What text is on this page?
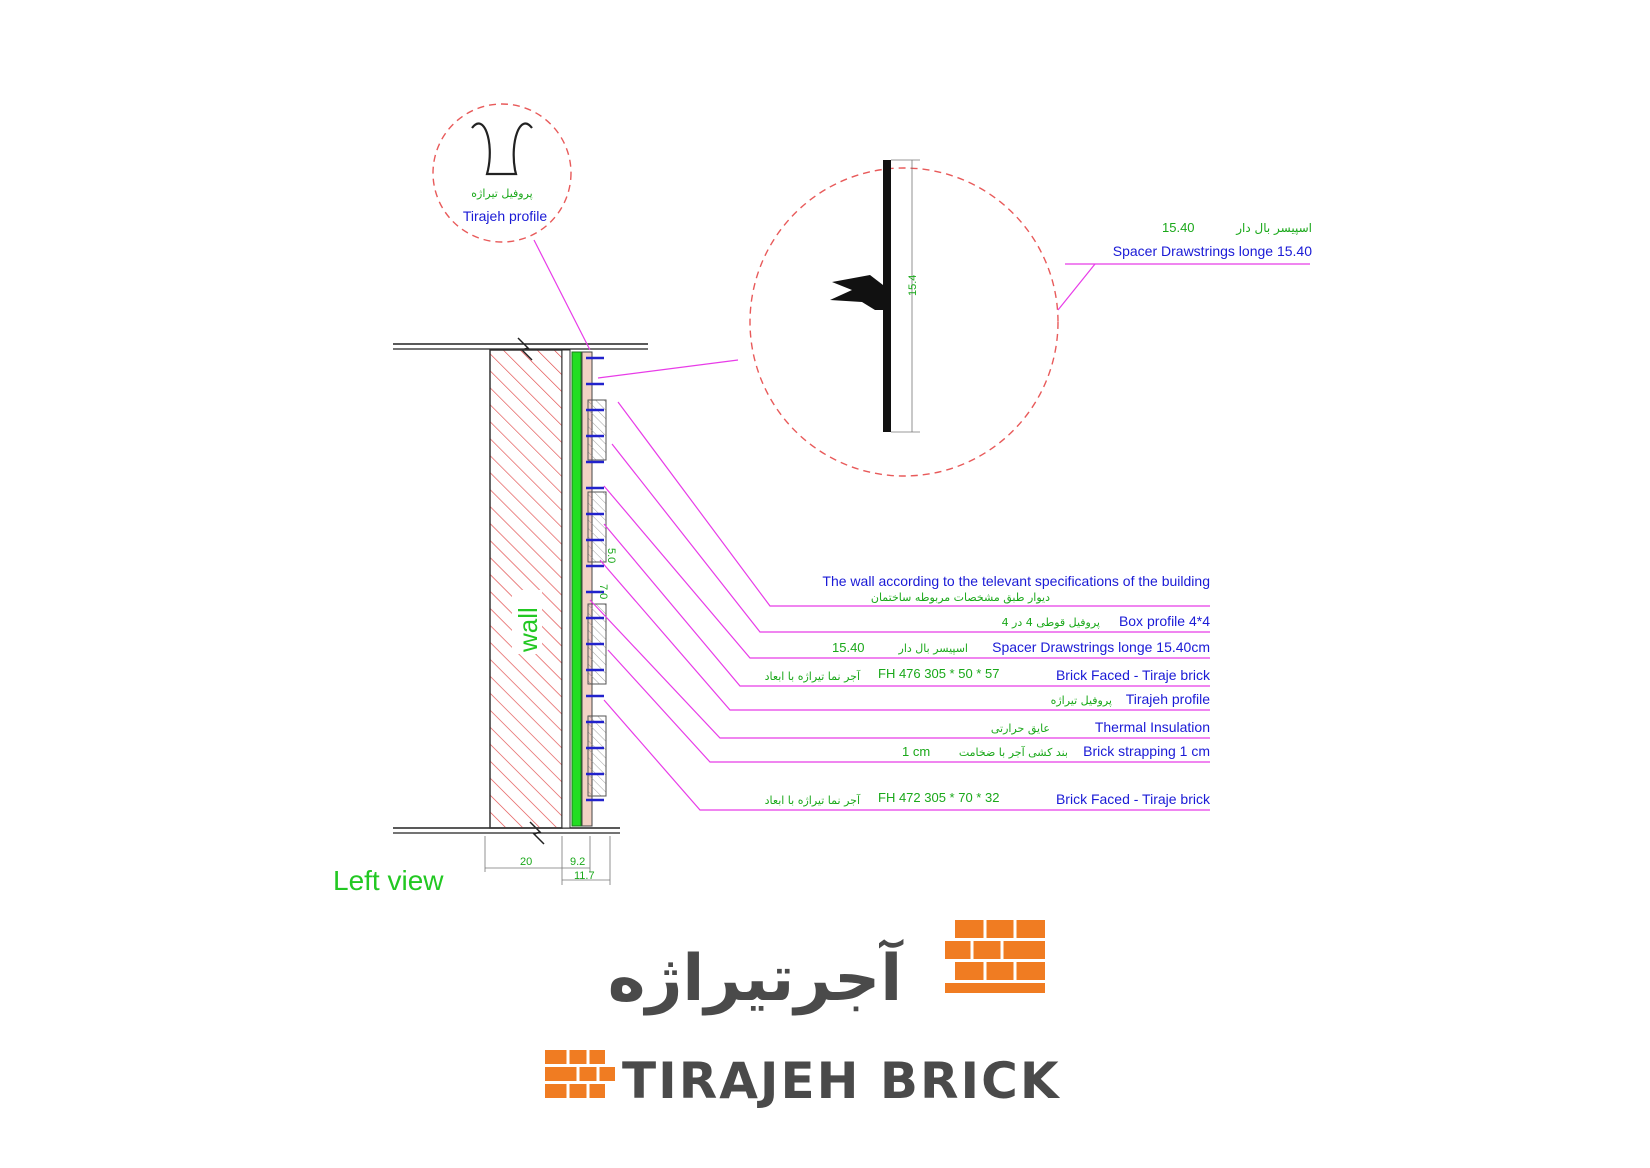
20	9.2
11.7
5.0
7.0
wall
Left view
پروفیل تیراژه
Tirajeh profile
15.4
اسپیسر بال دار
15.40
Spacer Drawstrings longe 15.40
The wall according to the televant specifications of the building
دیوار طبق مشخصات مربوطه ساختمان
Box profile 4*4
پروفیل قوطی 4 در 4
Spacer Drawstrings longe 15.40cm
اسپیسر بال دار
15.40
Brick Faced - Tiraje brick
آجر نما تیراژه با ابعاد FH 476 305 * 50 * 57
Tirajeh profile
پروفیل تیراژه
Thermal Insulation
عایق حرارتی
Brick strapping 1 cm
بند کشی آجر با ضخامت
1 cm
Brick Faced - Tiraje brick
آجر نما تیراژه با ابعاد FH 472 305 * 70 * 32
آجرتیراژه
TIRAJEH BRICK
